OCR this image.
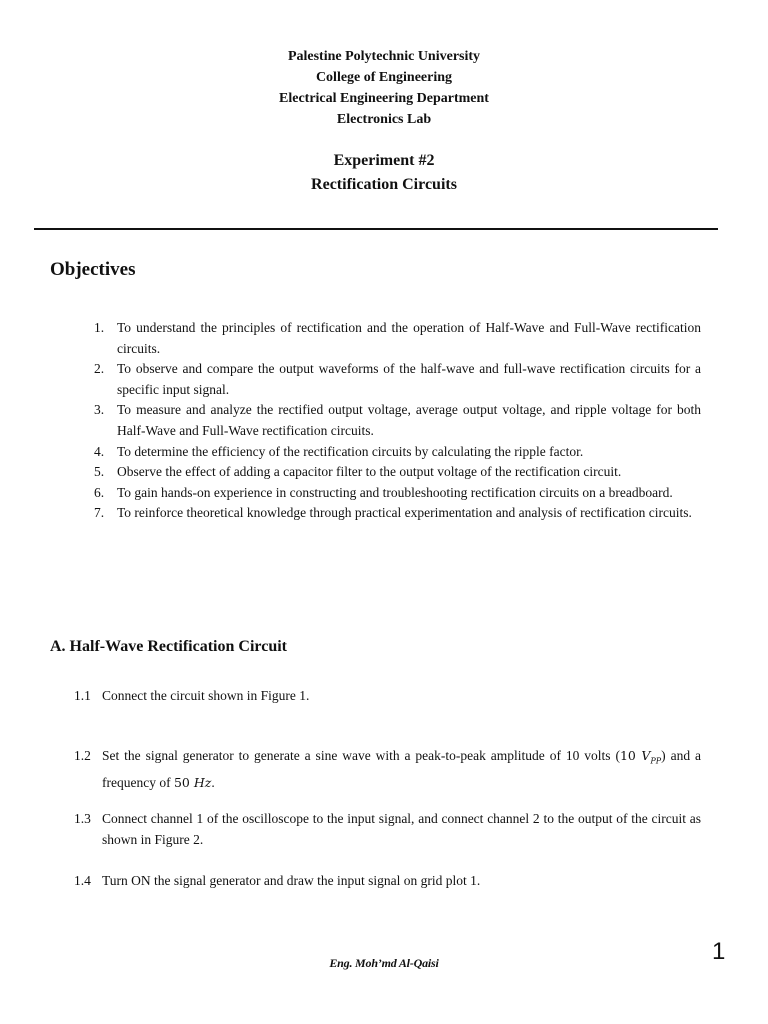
Palestine Polytechnic University
College of Engineering
Electrical Engineering Department
Electronics Lab
Experiment #2
Rectification Circuits
Objectives
1. To understand the principles of rectification and the operation of Half-Wave and Full-Wave rectification circuits.
2. To observe and compare the output waveforms of the half-wave and full-wave rectification circuits for a specific input signal.
3. To measure and analyze the rectified output voltage, average output voltage, and ripple voltage for both Half-Wave and Full-Wave rectification circuits.
4. To determine the efficiency of the rectification circuits by calculating the ripple factor.
5. Observe the effect of adding a capacitor filter to the output voltage of the rectification circuit.
6. To gain hands-on experience in constructing and troubleshooting rectification circuits on a breadboard.
7. To reinforce theoretical knowledge through practical experimentation and analysis of rectification circuits.
A. Half-Wave Rectification Circuit
1.1 Connect the circuit shown in Figure 1.
1.2 Set the signal generator to generate a sine wave with a peak-to-peak amplitude of 10 volts (10 $V_{PP}$) and a frequency of 50 Hz.
1.3 Connect channel 1 of the oscilloscope to the input signal, and connect channel 2 to the output of the circuit as shown in Figure 2.
1.4 Turn ON the signal generator and draw the input signal on grid plot 1.
Eng. Moh’md Al-Qaisi	1
